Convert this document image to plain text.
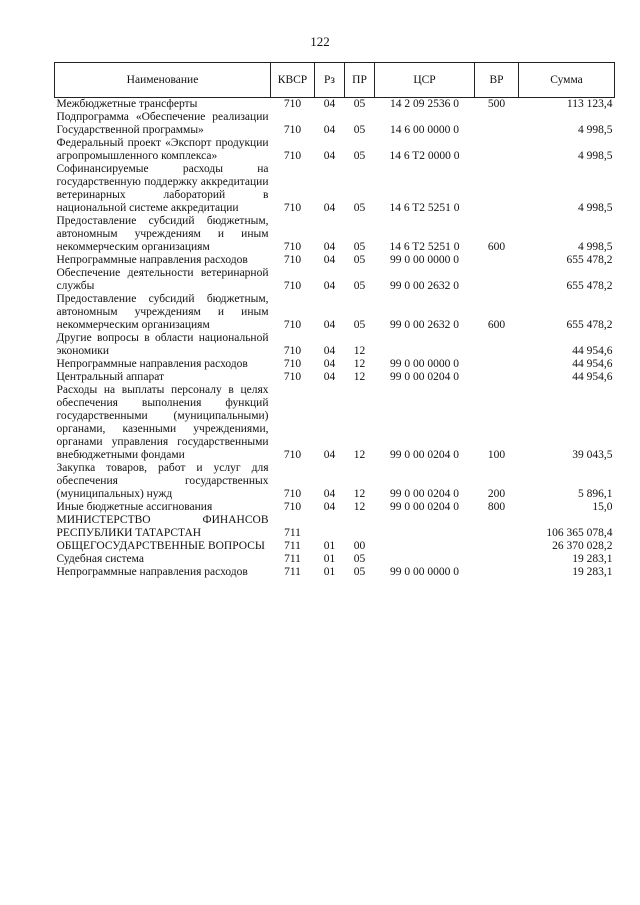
122
Наименование	КВСР	Рз	ПР	ЦСР	ВР	Сумма
Межбюджетные трансферты	710	04	05	14 2 09 2536 0	500	113 123,4
Подпрограмма «Обеспечение реализации Государственной программы»	710	04	05	14 6 00 0000 0		4 998,5
Федеральный проект «Экспорт продукции агропромышленного комплекса»	710	04	05	14 6 T2 0000 0		4 998,5
Софинансируемые расходы на государственную поддержку аккредитации ветеринарных лабораторий в национальной системе аккредитации	710	04	05	14 6 T2 5251 0		4 998,5
Предоставление субсидий бюджетным, автономным учреждениям и иным некоммерческим организациям	710	04	05	14 6 T2 5251 0	600	4 998,5
Непрограммные направления расходов	710	04	05	99 0 00 0000 0		655 478,2
Обеспечение деятельности ветеринарной службы	710	04	05	99 0 00 2632 0		655 478,2
Предоставление субсидий бюджетным, автономным учреждениям и иным некоммерческим организациям	710	04	05	99 0 00 2632 0	600	655 478,2
Другие вопросы в области национальной экономики	710	04	12			44 954,6
Непрограммные направления расходов	710	04	12	99 0 00 0000 0		44 954,6
Центральный аппарат	710	04	12	99 0 00 0204 0		44 954,6
Расходы на выплаты персоналу в целях обеспечения выполнения функций государственными (муниципальными) органами, казенными учреждениями, органами управления государственными внебюджетными фондами	710	04	12	99 0 00 0204 0	100	39 043,5
Закупка товаров, работ и услуг для обеспечения государственных (муниципальных) нужд	710	04	12	99 0 00 0204 0	200	5 896,1
Иные бюджетные ассигнования	710	04	12	99 0 00 0204 0	800	15,0
МИНИСТЕРСТВО ФИНАНСОВ РЕСПУБЛИКИ ТАТАРСТАН	711					106 365 078,4
ОБЩЕГОСУДАРСТВЕННЫЕ ВОПРОСЫ	711	01	00			26 370 028,2
Судебная система	711	01	05			19 283,1
Непрограммные направления расходов	711	01	05	99 0 00 0000 0		19 283,1
